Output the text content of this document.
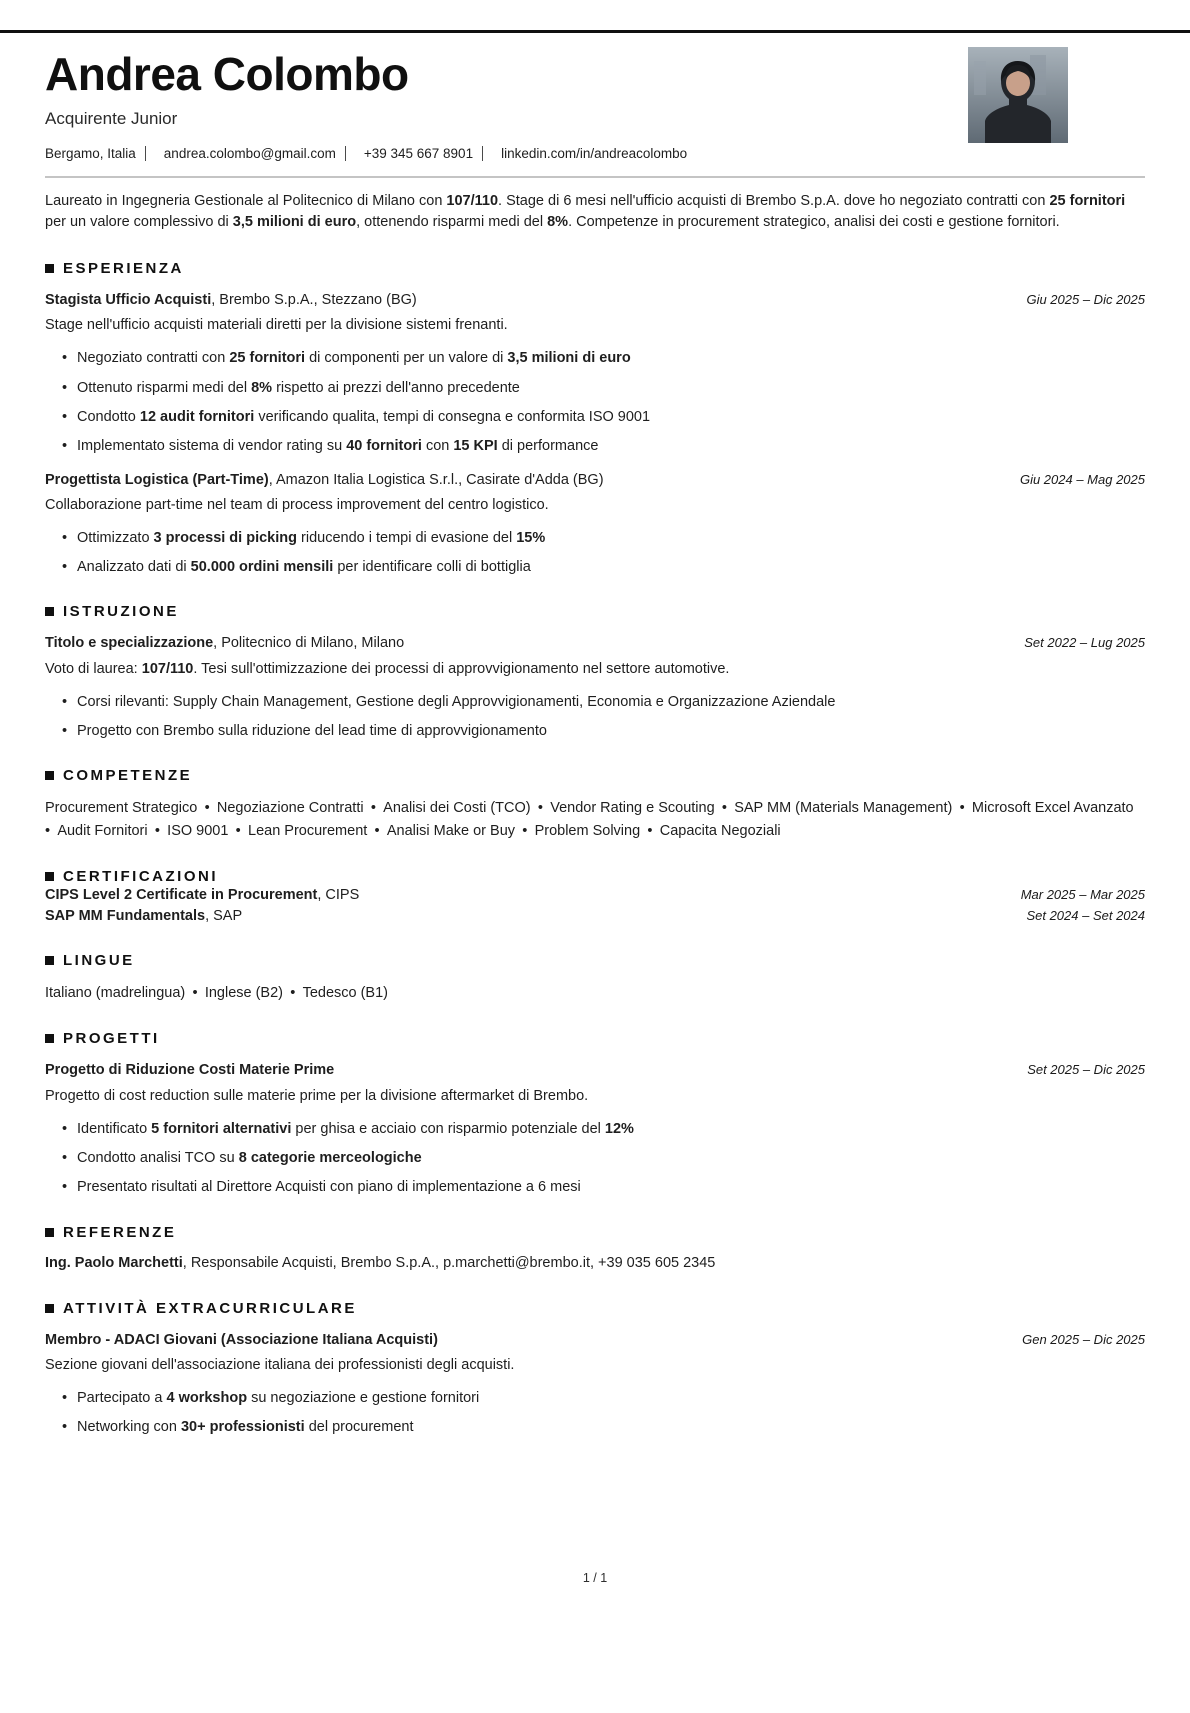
Andrea Colombo
Acquirente Junior
Bergamo, Italia andrea.colombo@gmail.com +39 345 667 8901 linkedin.com/in/andreacolombo
Laureato in Ingegneria Gestionale al Politecnico di Milano con 107/110. Stage di 6 mesi nell'ufficio acquisti di Brembo S.p.A. dove ho negoziato contratti con 25 fornitori per un valore complessivo di 3,5 milioni di euro, ottenendo risparmi medi del 8%. Competenze in procurement strategico, analisi dei costi e gestione fornitori.
ESPERIENZA
Stagista Ufficio Acquisti, Brembo S.p.A., Stezzano (BG)	Giu 2025 – Dic 2025
Stage nell'ufficio acquisti materiali diretti per la divisione sistemi frenanti.
• Negoziato contratti con 25 fornitori di componenti per un valore di 3,5 milioni di euro
• Ottenuto risparmi medi del 8% rispetto ai prezzi dell'anno precedente
• Condotto 12 audit fornitori verificando qualita, tempi di consegna e conformita ISO 9001
• Implementato sistema di vendor rating su 40 fornitori con 15 KPI di performance
Progettista Logistica (Part-Time), Amazon Italia Logistica S.r.l., Casirate d'Adda (BG)	Giu 2024 – Mag 2025
Collaborazione part-time nel team di process improvement del centro logistico.
• Ottimizzato 3 processi di picking riducendo i tempi di evasione del 15%
• Analizzato dati di 50.000 ordini mensili per identificare colli di bottiglia
ISTRUZIONE
Titolo e specializzazione, Politecnico di Milano, Milano	Set 2022 – Lug 2025
Voto di laurea: 107/110. Tesi sull'ottimizzazione dei processi di approvvigionamento nel settore automotive.
• Corsi rilevanti: Supply Chain Management, Gestione degli Approvvigionamenti, Economia e Organizzazione Aziendale
• Progetto con Brembo sulla riduzione del lead time di approvvigionamento
COMPETENZE
Procurement Strategico • Negoziazione Contratti • Analisi dei Costi (TCO) • Vendor Rating e Scouting • SAP MM (Materials Management) • Microsoft Excel Avanzato • Audit Fornitori • ISO 9001 • Lean Procurement • Analisi Make or Buy • Problem Solving • Capacita Negoziali
CERTIFICAZIONI
CIPS Level 2 Certificate in Procurement, CIPS	Mar 2025 – Mar 2025
SAP MM Fundamentals, SAP	Set 2024 – Set 2024
LINGUE
Italiano (madrelingua) • Inglese (B2) • Tedesco (B1)
PROGETTI
Progetto di Riduzione Costi Materie Prime	Set 2025 – Dic 2025
Progetto di cost reduction sulle materie prime per la divisione aftermarket di Brembo.
• Identificato 5 fornitori alternativi per ghisa e acciaio con risparmio potenziale del 12%
• Condotto analisi TCO su 8 categorie merceologiche
• Presentato risultati al Direttore Acquisti con piano di implementazione a 6 mesi
REFERENZE
Ing. Paolo Marchetti, Responsabile Acquisti, Brembo S.p.A., p.marchetti@brembo.it, +39 035 605 2345
ATTIVITÀ EXTRACURRICULARE
Membro - ADACI Giovani (Associazione Italiana Acquisti)	Gen 2025 – Dic 2025
Sezione giovani dell'associazione italiana dei professionisti degli acquisti.
• Partecipato a 4 workshop su negoziazione e gestione fornitori
• Networking con 30+ professionisti del procurement
1 / 1
